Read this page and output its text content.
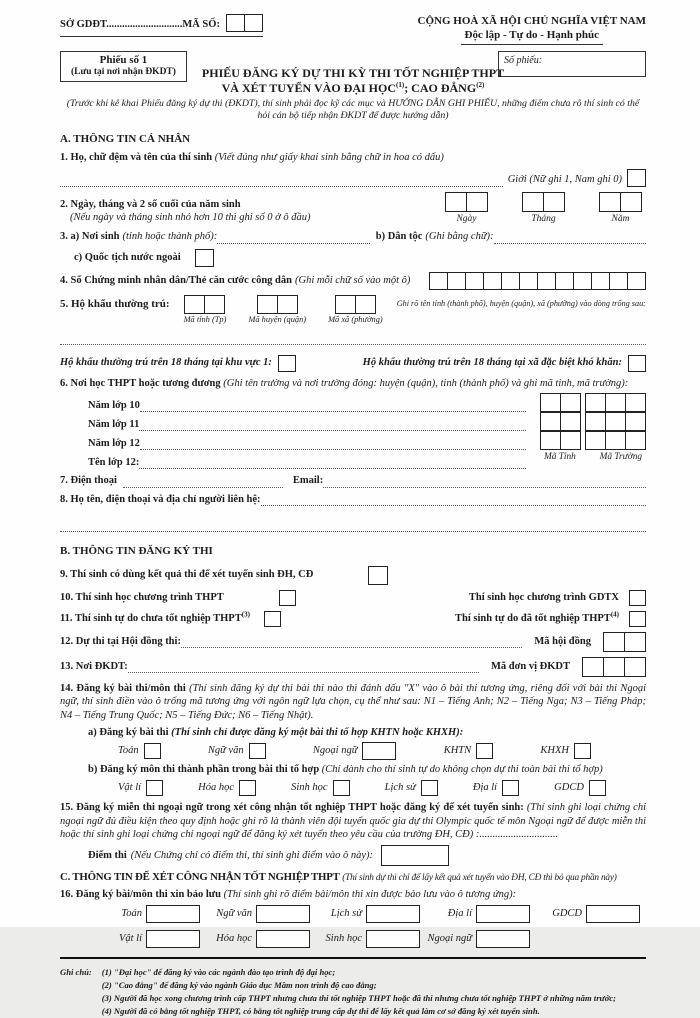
SỞ GDĐT.............................MÃ SỐ:	CỘNG HOÀ XÃ HỘI CHỦ NGHĨA VIỆT NAM
Độc lập - Tự do - Hạnh phúc
Phiếu số 1
(Lưu tại nơi nhận ĐKDT)
Số phiếu:
PHIẾU ĐĂNG KÝ DỰ THI KỲ THI TỐT NGHIỆP THPT
VÀ XÉT TUYỂN VÀO ĐẠI HỌC$^{(1)}$; CAO ĐẲNG$^{(2)}$
(Trước khi kê khai Phiếu đăng ký dự thi (ĐKDT), thí sinh phải đọc kỹ các mục và HƯỚNG DẪN GHI PHIẾU, những điểm chưa rõ thí sinh có thể hỏi cán bộ tiếp nhận ĐKDT để được hướng dẫn)
A. THÔNG TIN CÁ NHÂN
1. Họ, chữ đệm và tên của thí sinh (Viết đúng như giấy khai sinh bằng chữ in hoa có dấu)
Giới (Nữ ghi 1, Nam ghi 0)
2. Ngày, tháng và 2 số cuối của năm sinh
(Nếu ngày và tháng sinh nhỏ hơn 10 thì ghi số 0 ở ô đầu)	Ngày	Tháng	Năm
3. a) Nơi sinh (tỉnh hoặc thành phố):	b) Dân tộc (Ghi bằng chữ):
c) Quốc tịch nước ngoài
4. Số Chứng minh nhân dân/Thẻ căn cước công dân (Ghi mỗi chữ số vào một ô)
5. Hộ khẩu thường trú:
Mã tỉnh (Tp)	Mã huyện (quận)	Mã xã (phường)
Ghi rõ tên tỉnh (thành phố), huyện (quận), xã (phường) vào dòng trống sau:
Hộ khẩu thường trú trên 18 tháng tại khu vực 1:	Hộ khẩu thường trú trên 18 tháng tại xã đặc biệt khó khăn:
6. Nơi học THPT hoặc tương đương (Ghi tên trường và nơi trường đóng: huyện (quận), tỉnh (thành phố) và ghi mã tỉnh, mã trường):
Năm lớp 10
Năm lớp 11
Năm lớp 12
Tên lớp 12:	Mã Tỉnh	Mã Trường
7. Điện thoại	Email:
8. Họ tên, điện thoại và địa chỉ người liên hệ:
B. THÔNG TIN ĐĂNG KÝ THI
9. Thí sinh có dùng kết quả thi để xét tuyển sinh ĐH, CĐ
10. Thí sinh học chương trình THPT	Thí sinh học chương trình GDTX
11. Thí sinh tự do chưa tốt nghiệp THPT$^{(3)}$	Thí sinh tự do đã tốt nghiệp THPT$^{(4)}$
12. Dự thi tại Hội đồng thi:	Mã hội đồng
13. Nơi ĐKDT:	Mã đơn vị ĐKDT
14. Đăng ký bài thi/môn thi (Thí sinh đăng ký dự thi bài thi nào thì đánh dấu "X" vào ô bài thi tương ứng, riêng đối với bài thi Ngoại ngữ, thí sinh điền vào ô trống mã tương ứng với ngôn ngữ lựa chọn, cụ thể như sau: N1 – Tiếng Anh; N2 – Tiếng Nga; N3 – Tiếng Pháp; N4 – Tiếng Trung Quốc; N5 – Tiếng Đức; N6 – Tiếng Nhật).
a) Đăng ký bài thi (Thí sinh chỉ được đăng ký một bài thi tổ hợp KHTN hoặc KHXH):
Toán	Ngữ văn	Ngoại ngữ	KHTN	KHXH
b) Đăng ký môn thi thành phần trong bài thi tổ hợp (Chỉ dành cho thí sinh tự do không chọn dự thi toàn bài thi tổ hợp)
Vật lí	Hóa học	Sinh học	Lịch sử	Địa lí	GDCD
15. Đăng ký miễn thi ngoại ngữ trong xét công nhận tốt nghiệp THPT hoặc đăng ký để xét tuyển sinh: (Thí sinh ghi loại chứng chỉ ngoại ngữ đủ điều kiện theo quy định hoặc ghi rõ là thành viên đội tuyển quốc gia dự thi Olympic quốc tế môn Ngoại ngữ để được miễn thi hoặc thí sinh ghi loại chứng chỉ ngoại ngữ để đăng ký xét tuyển theo yêu cầu của trường ĐH, CĐ) :..............................
Điểm thi (Nếu Chứng chỉ có điểm thi, thí sinh ghi điểm vào ô này):
C. THÔNG TIN ĐỂ XÉT CÔNG NHẬN TỐT NGHIỆP THPT (Thí sinh dự thi chỉ để lấy kết quả xét tuyển vào ĐH, CĐ thì bỏ qua phần này)
16. Đăng ký bài/môn thi xin bảo lưu (Thí sinh ghi rõ điểm bài/môn thi xin được bảo lưu vào ô tương ứng):
Toán	Ngữ văn	Lịch sử	Địa lí	GDCD
Vật lí	Hóa học	Sinh học	Ngoại ngữ
Ghi chú: (1) "Đại học" để đăng ký vào các ngành đào tạo trình độ đại học;
(2) "Cao đẳng" để đăng ký vào ngành Giáo dục Mầm non trình độ cao đẳng;
(3) Người đã học xong chương trình cấp THPT nhưng chưa thi tốt nghiệp THPT hoặc đã thi nhưng chưa tốt nghiệp THPT ở những năm trước;
(4) Người đã có bằng tốt nghiệp THPT, có bằng tốt nghiệp trung cấp dự thi để lấy kết quả làm cơ sở đăng ký xét tuyển sinh.
